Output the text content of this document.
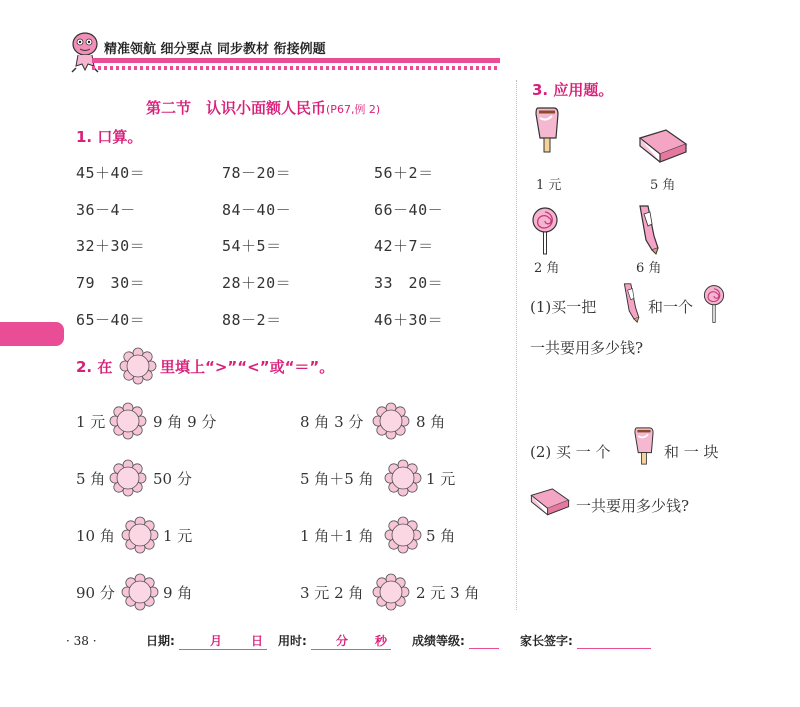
精准领航 细分要点 同步教材 衔接例题
第二节　认识小面额人民币(P67,例 2)
1. 口算。
45＋40＝	78－20＝	56＋2＝
36－4－	84－40－	66－40－
32＋30＝	54＋5＝	42＋7＝
79　30＝	28＋20＝	33　20＝
65－40＝	88－2＝	46＋30＝
2. 在	里填上“>”“<”或“＝”。
1 元	9 角 9 分
5 角	50 分
10 角	1 元
90 分	9 角
8 角 3 分	8 角
5 角＋5 角	1 元
1 角＋1 角	5 角
3 元 2 角	2 元 3 角
3. 应用题。
1 元	5 角
2 角	6 角
(1)买一把	和一个
一共要用多少钱?
(2) 买 一 个	和 一 块
一共要用多少钱?
· 38 ·	日期:	月 日	用时: 分 秒	成绩等级:	家长签字:
